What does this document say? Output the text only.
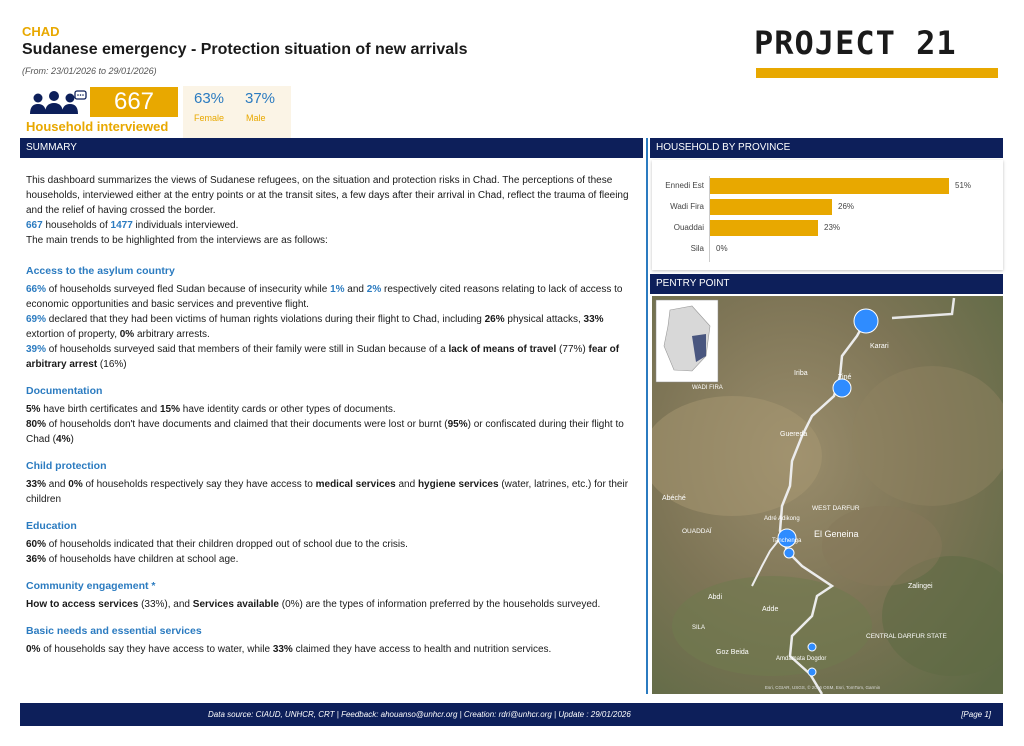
CHAD
Sudanese emergency - Protection situation of new arrivals
(From: 23/01/2026 to 29/01/2026)
PROJECT 21
667
Household interviewed
63% 37%
Female Male
SUMMARY	HOUSEHOLD BY PROVINCE
PENTRY POINT

This dashboard summarizes the views of Sudanese refugees, on the situation and protection risks in Chad. The perceptions of these households, interviewed either at the entry points or at the transit sites, a few days after their arrival in Chad, reflect the trauma of fleeing and the relief of having crossed the border.

667 households of 1477 individuals interviewed.

The main trends to be highlighted from the interviews are as follows:

Access to the asylum country

66% of households surveyed fled Sudan because of insecurity while 1% and 2% respectively cited reasons relating to lack of access to economic opportunities and basic services and preventive flight.

69% declared that they had been victims of human rights violations during their flight to Chad, including 26% physical attacks, 33% extortion of property, 0% arbitrary arrests.

39% of households surveyed said that members of their family were still in Sudan because of a lack of means of travel (77%) fear of arbitrary arrest (16%)

Documentation

5% have birth certificates and 15% have identity cards or other types of documents.

80% of households don't have documents and claimed that their documents were lost or burnt (95%) or confiscated during their flight to Chad (4%)

Child protection

33% and 0% of households respectively say they have access to medical services and hygiene services (water, latrines, etc.) for their children

Education

60% of households indicated that their children dropped out of school due to the crisis.

36% of households have children at school age.

Community engagement *

How to access services (33%), and Services available (0%) are the types of information preferred by the households surveyed.

Basic needs and essential services

0% of households say they have access to water, while 33% claimed they have access to health and nutrition services.

Ennedi Est	51%
Wadi Fira	26%
Ouaddai	23%
Sila 0%
Tiné
Karari
Iriba
WADI FIRA
Guereda
Abéché
WEST DARFUR
Adré Adikong
OUADDAÏ
Tanchenga
El Geneina
Zalingei
Abdi
Adde
SILA
CENTRAL DARFUR STATE
Goz Beida
Amdamata Dogdor
Esri, CGIAR, USGS, © 2026 OSM, Esri, TomTom, Garmin
Data source: CIAUD, UNHCR, CRT | Feedback: ahouanso@unhcr.org | Creation: rdri@unhcr.org | Update : 29/01/2026	[Page 1]
